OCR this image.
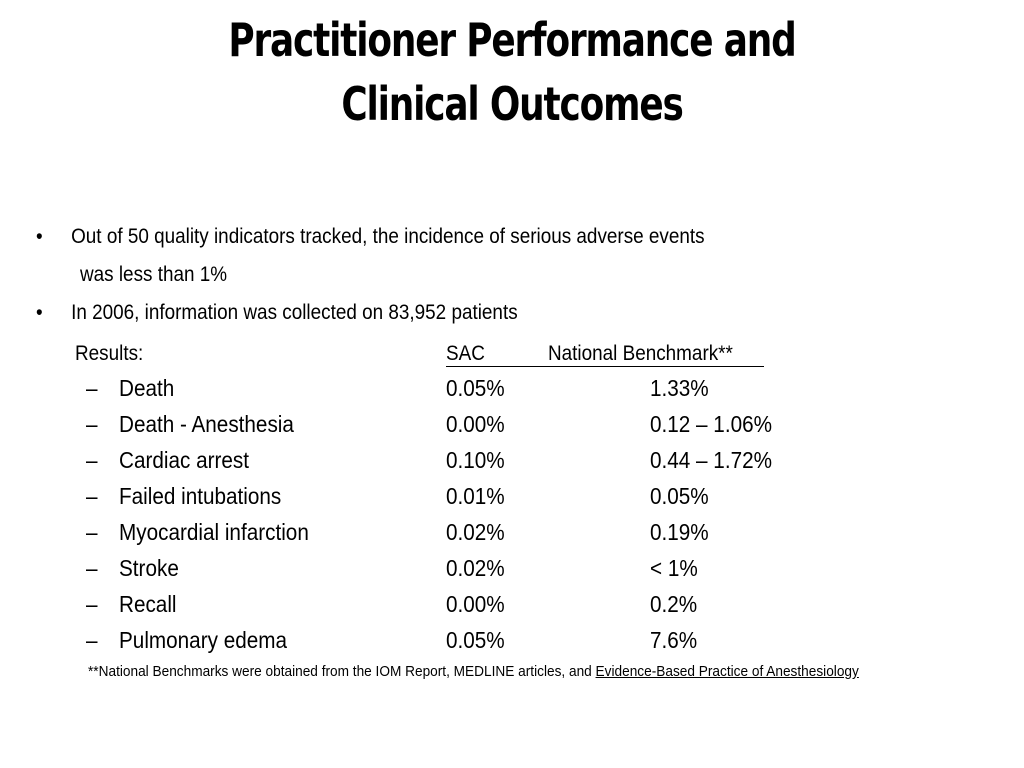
Practitioner Performance and
Clinical Outcomes
• Out of 50 quality indicators tracked, the incidence of serious adverse events
was less than 1%
• In 2006, information was collected on 83,952 patients
Results:	SAC	National Benchmark**
– Death	0.05%	1.33%
– Death - Anesthesia	0.00%	0.12 – 1.06%
– Cardiac arrest	0.10%	0.44 – 1.72%
– Failed intubations	0.01%	0.05%
– Myocardial infarction	0.02%	0.19%
– Stroke	0.02%	< 1%
– Recall	0.00%	0.2%
– Pulmonary edema	0.05%	7.6%
**National Benchmarks were obtained from the IOM Report, MEDLINE articles, and Evidence-Based Practice of Anesthesiology
